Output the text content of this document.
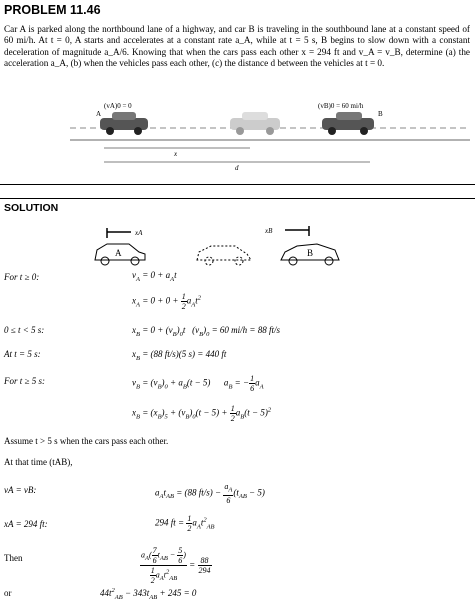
PROBLEM 11.46
Car A is parked along the northbound lane of a highway, and car B is traveling in the southbound lane at a constant speed of 60 mi/h. At t = 0, A starts and accelerates at a constant rate a_A, while at t = 5 s, B begins to slow down with a constant deceleration of magnitude a_A/6. Knowing that when the cars pass each other x = 294 ft and v_A = v_B, determine (a) the acceleration a_A, (b) when the vehicles pass each other, (c) the distance d between the vehicles at t = 0.
(vA)0 = 0
A
(vB)0 = 60 mi/h
B
x
d
SOLUTION
A
xA
B
xB
For t ≥ 0:
0 ≤ t < 5 s:
At t = 5 s:
For t ≥ 5 s:
Assume t > 5 s when the cars pass each other.
At that time (tAB),
vA = vB:
xA = 294 ft:
Then
or
$v_A = 0 + a_At$
$x_A = 0 + 0 + \frac{1}{2} a_At^2$
$x_B = 0 + (v_B)_0t$   $(v_B)_0 = 60$ mi/h = 88 ft/s
$x_B = (88$ ft/s)(5 s) = 440 ft
$v_B = (v_B)_0 + a_B(t - 5)$      $a_B$ = − $\frac{1}{6} a_A$
$x_B = (x_B)_5 + (v_B)_0(t - 5) + \frac{1}{2} a_B(t - 5)^2$
$a_At_{AB} = (88$ $ft/s) - \frac{a_A}{6} (t_{AB} - 5)$
294 ft = $\frac{1}{2} a_At^2_{AB}$
$\frac{a_A( \frac{7}{6} t_{AB} - \frac{5}{6} )}{\frac{1}{2} a_At^2_{AB}} = \frac{88}{294}$
$44t^2_{AB} - 343t_{AB} + 245 = 0$
